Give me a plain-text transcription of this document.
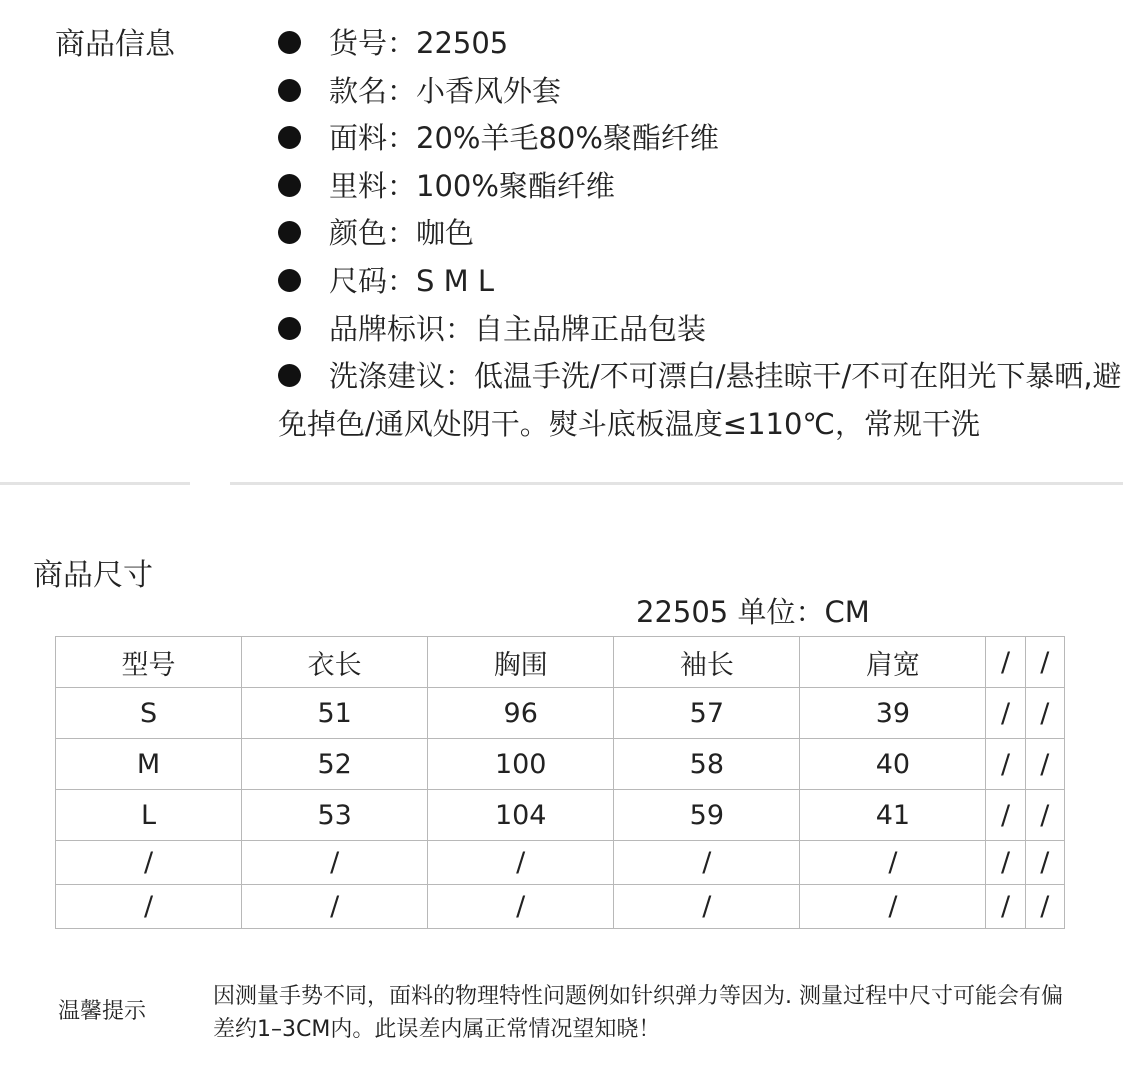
商品信息	货号：22505
款名：小香风外套
面料：20%羊毛80%聚酯纤维
里料：100%聚酯纤维
颜色：咖色
尺码：S M L
品牌标识：自主品牌正品包装
洗涤建议：低温手洗/不可漂白/悬挂晾干/不可在阳光下暴晒,避免掉色/通风处阴干。熨斗底板温度≤110℃，常规干洗
商品尺寸
22505 单位：CM
型号	衣长	胸围	袖长	肩宽	/	/
S	51	96	57	39	/	/
M	52	100	58	40	/	/
L	53	104	59	41	/	/
/	/	/	/	/	/	/
/	/	/	/	/	/	/
温馨提示
因测量手势不同，面料的物理特性问题例如针织弹力等因为. 测量过程中尺寸可能会有偏差约1–3CM内。此误差内属正常情况望知晓！
